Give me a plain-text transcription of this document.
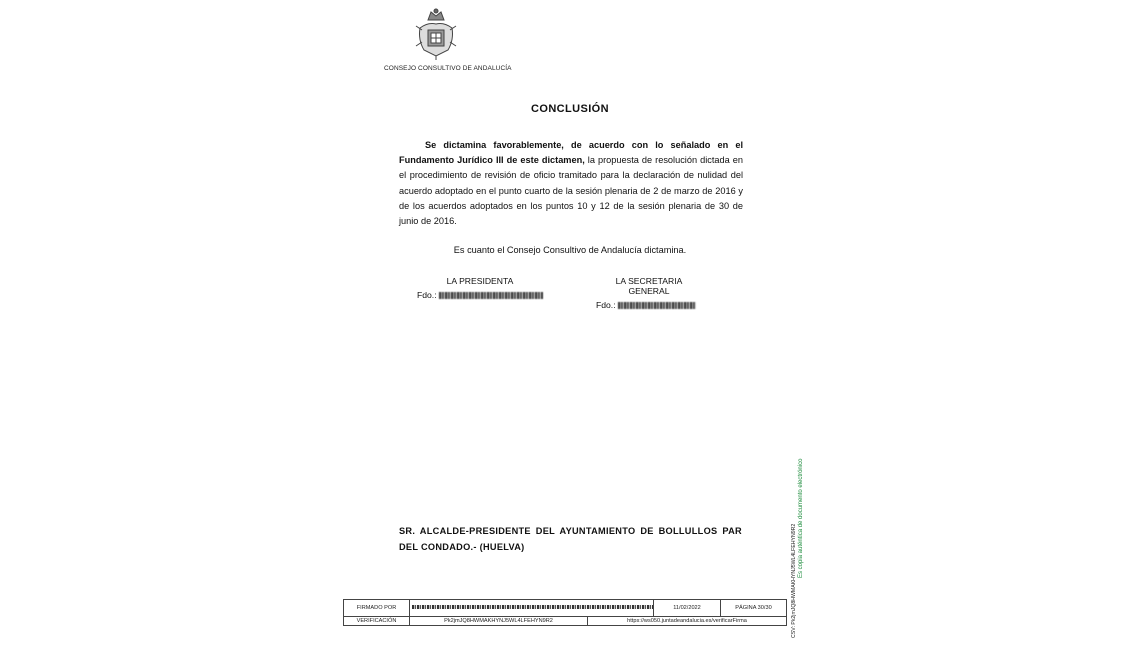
CONSEJO CONSULTIVO DE ANDALUCÍA
CONCLUSIÓN
Se dictamina favorablemente, de acuerdo con lo señalado en el Fundamento Jurídico III de este dictamen, la propuesta de resolución dictada en el procedimiento de revisión de oficio tramitado para la declaración de nulidad del acuerdo adoptado en el punto cuarto de la sesión plenaria de 2 de marzo de 2016 y de los acuerdos adoptados en los puntos 10 y 12 de la sesión plenaria de 30 de junio de 2016.
Es cuanto el Consejo Consultivo de Andalucía dictamina.
LA PRESIDENTA
Fdo.:
LA SECRETARIA GENERAL
Fdo.:
SR. ALCALDE-PRESIDENTE DEL AYUNTAMIENTO DE BOLLULLOS PAR DEL CONDADO.- (HUELVA)	Es copia auténtica de documento electrónico
CSV: Pk2jmJQ8HWMAKHYNJ5WL4LFEHYN9R2
FIRMADO POR			11/02/2022	PÁGINA 30/30
VERIFICACIÓN	Pk2jmJQ8HWMAKHYNJ5WL4LFEHYN9R2	https://ws050.juntadeandalucia.es/verificarFirma		
